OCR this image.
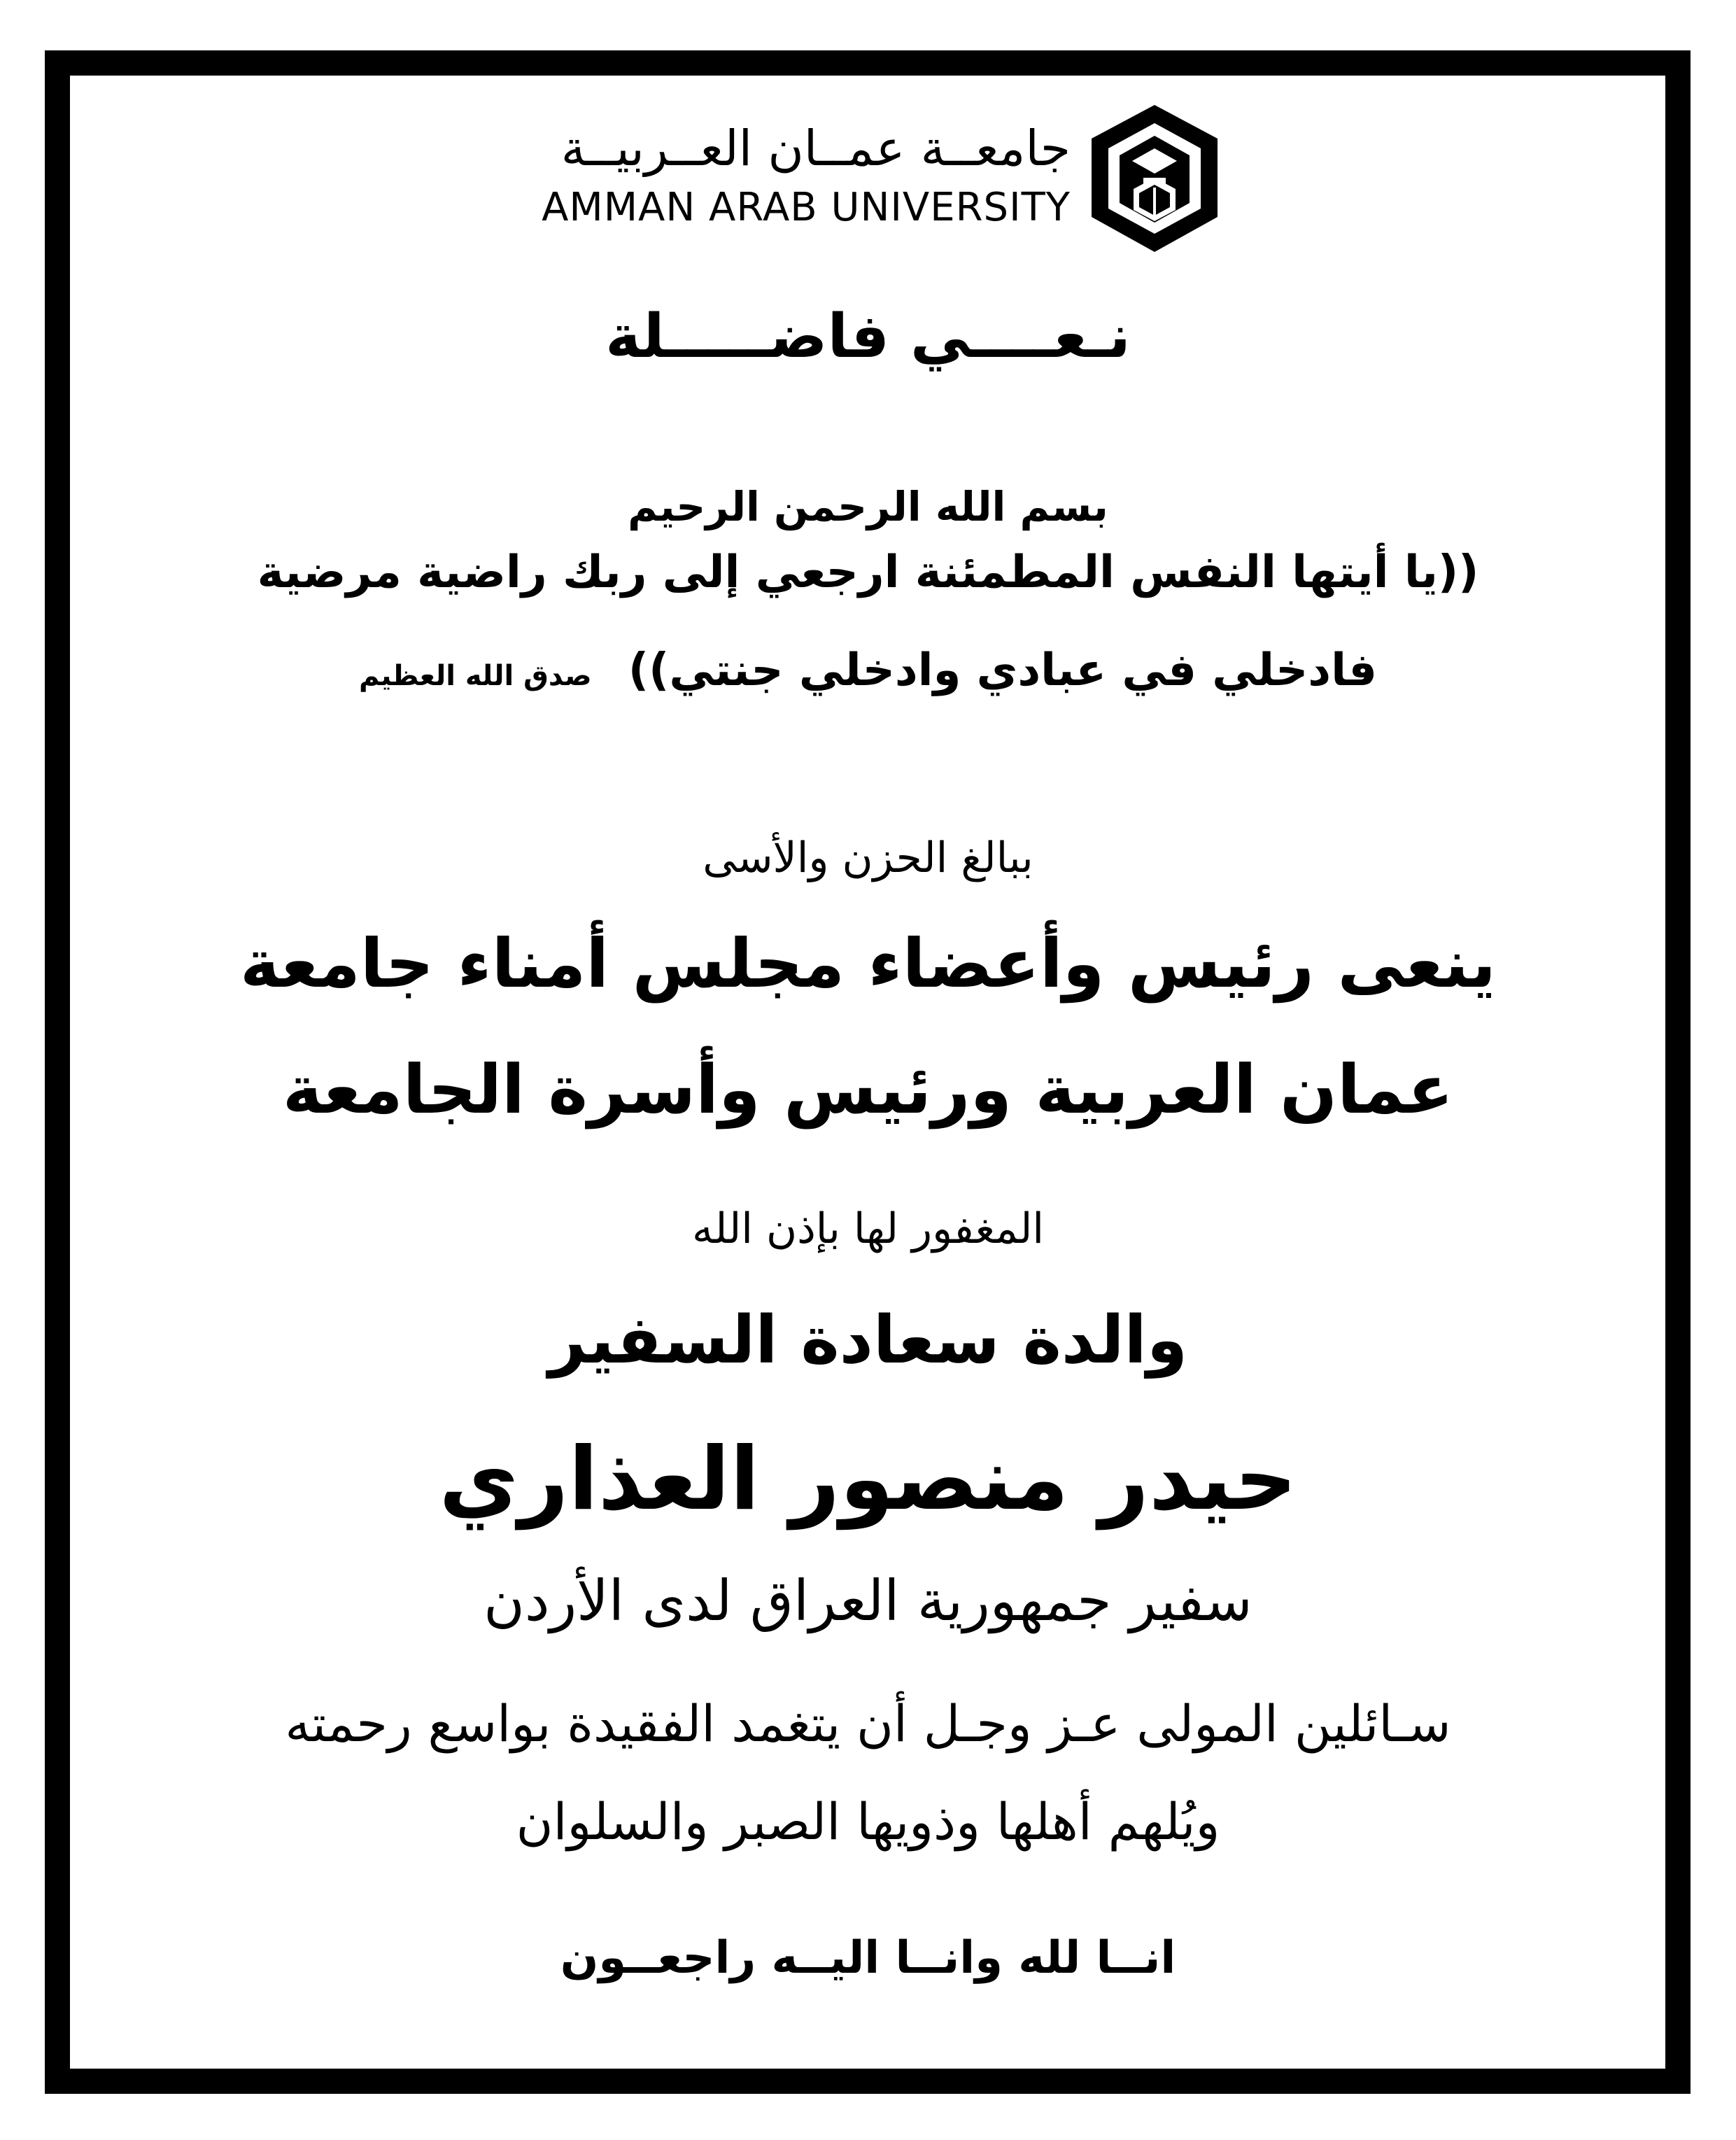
جامعــة عمــان العــربيــة
AMMAN ARAB UNIVERSITY
نـعــــي فاضـــــلة
بسم الله الرحمن الرحيم
((يا أيتها النفس المطمئنة ارجعي إلى ربك راضية مرضية
فادخلي في عبادي وادخلي جنتي)) صدق الله العظيم
ببالغ الحزن والأسى
ينعى رئيس وأعضاء مجلس أمناء جامعة
عمان العربية ورئيس وأسرة الجامعة
المغفور لها بإذن الله
والدة سعادة السفير
حيدر منصور العذاري
سفير جمهورية العراق لدى الأردن
سـائلين المولى عـز وجـل أن يتغمد الفقيدة بواسع رحمته
ويُلهم أهلها وذويها الصبر والسلوان
انــا لله وانــا اليــه راجعــون
